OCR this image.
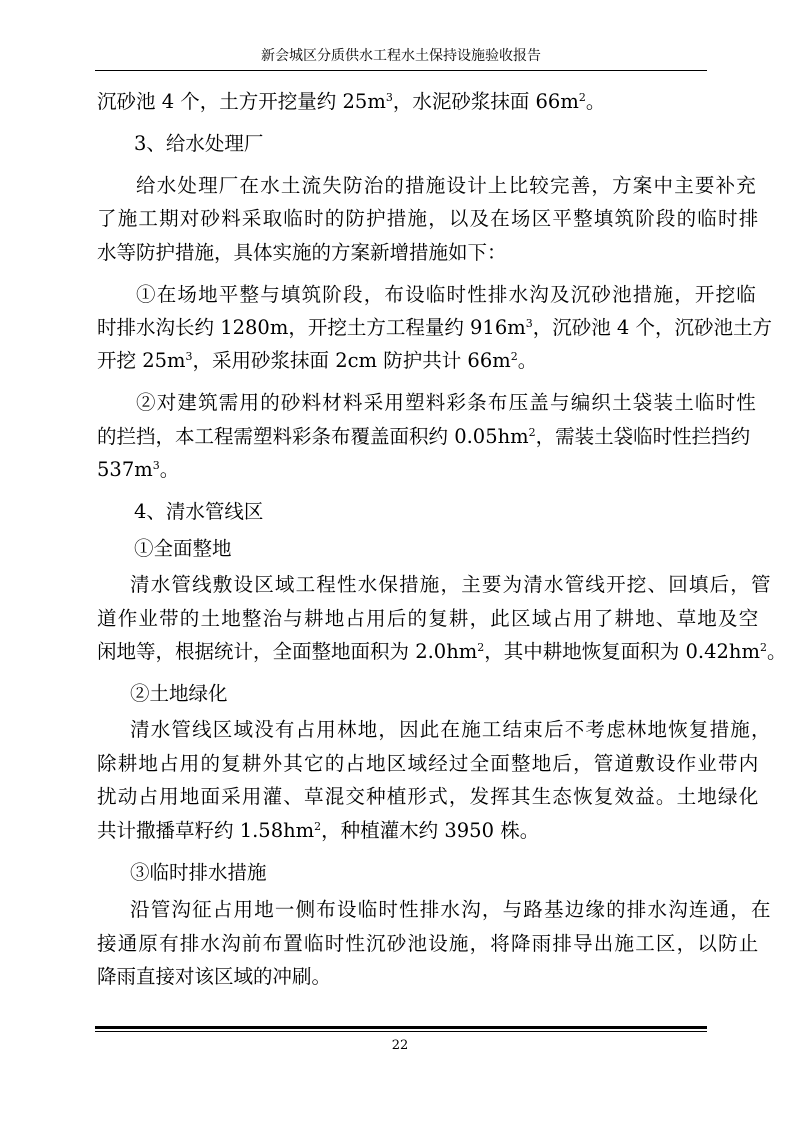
新会城区分质供水工程水土保持设施验收报告
沉砂池 4 个，土方开挖量约 $25m^3$，水泥砂浆抹面 $66m^2$。
3、给水处理厂
给水处理厂在水土流失防治的措施设计上比较完善，方案中主要补充
了施工期对砂料采取临时的防护措施，以及在场区平整填筑阶段的临时排
水等防护措施，具体实施的方案新增措施如下：
①在场地平整与填筑阶段，布设临时性排水沟及沉砂池措施，开挖临
时排水沟长约 1280m，开挖土方工程量约 $916m^3$，沉砂池 4 个，沉砂池土方
开挖 $25m^3$，采用砂浆抹面 2cm 防护共计 $66m^2$。
②对建筑需用的砂料材料采用塑料彩条布压盖与编织土袋装土临时性
的拦挡，本工程需塑料彩条布覆盖面积约 $0.05hm^2$，需装土袋临时性拦挡约
$537m^3$。
4、清水管线区
①全面整地
清水管线敷设区域工程性水保措施，主要为清水管线开挖、回填后，管
道作业带的土地整治与耕地占用后的复耕，此区域占用了耕地、草地及空
闲地等，根据统计，全面整地面积为 $2.0hm^2$，其中耕地恢复面积为 $0.42hm^2$。
②土地绿化
清水管线区域没有占用林地，因此在施工结束后不考虑林地恢复措施，
除耕地占用的复耕外其它的占地区域经过全面整地后，管道敷设作业带内
扰动占用地面采用灌、草混交种植形式，发挥其生态恢复效益。土地绿化
共计撒播草籽约 $1.58hm^2$，种植灌木约 3950 株。
③临时排水措施
沿管沟征占用地一侧布设临时性排水沟，与路基边缘的排水沟连通，在
接通原有排水沟前布置临时性沉砂池设施，将降雨排导出施工区，以防止
降雨直接对该区域的冲刷。
22
